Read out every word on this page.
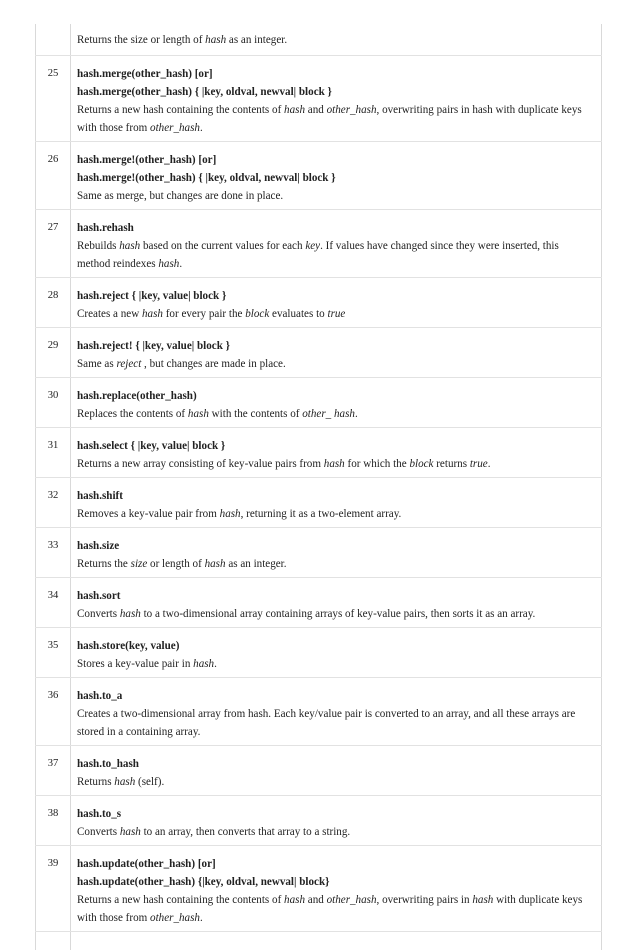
	Returns the size or length of hash as an integer.

25	hash.merge(other_hash) [or]
hash.merge(other_hash) { |key, oldval, newval| block }
Returns a new hash containing the contents of hash and other_hash, overwriting pairs in hash with duplicate keys with those from other_hash.

26	hash.merge!(other_hash) [or]
hash.merge!(other_hash) { |key, oldval, newval| block }
Same as merge, but changes are done in place.

27	hash.rehash
Rebuilds hash based on the current values for each key. If values have changed since they were inserted, this method reindexes hash.

28	hash.reject { |key, value| block }
Creates a new hash for every pair the block evaluates to true

29	hash.reject! { |key, value| block }
Same as reject , but changes are made in place.

30	hash.replace(other_hash)
Replaces the contents of hash with the contents of other_ hash.

31	hash.select { |key, value| block }
Returns a new array consisting of key-value pairs from hash for which the block returns true.

32	hash.shift
Removes a key-value pair from hash, returning it as a two-element array.

33	hash.size
Returns the size or length of hash as an integer.

34	hash.sort
Converts hash to a two-dimensional array containing arrays of key-value pairs, then sorts it as an array.

35	hash.store(key, value)
Stores a key-value pair in hash.

36	hash.to_a
Creates a two-dimensional array from hash. Each key/value pair is converted to an array, and all these arrays are stored in a containing array.

37	hash.to_hash
Returns hash (self).

38	hash.to_s
Converts hash to an array, then converts that array to a string.

39	hash.update(other_hash) [or]
hash.update(other_hash) {|key, oldval, newval| block}
Returns a new hash containing the contents of hash and other_hash, overwriting pairs in hash with duplicate keys with those from other_hash.
